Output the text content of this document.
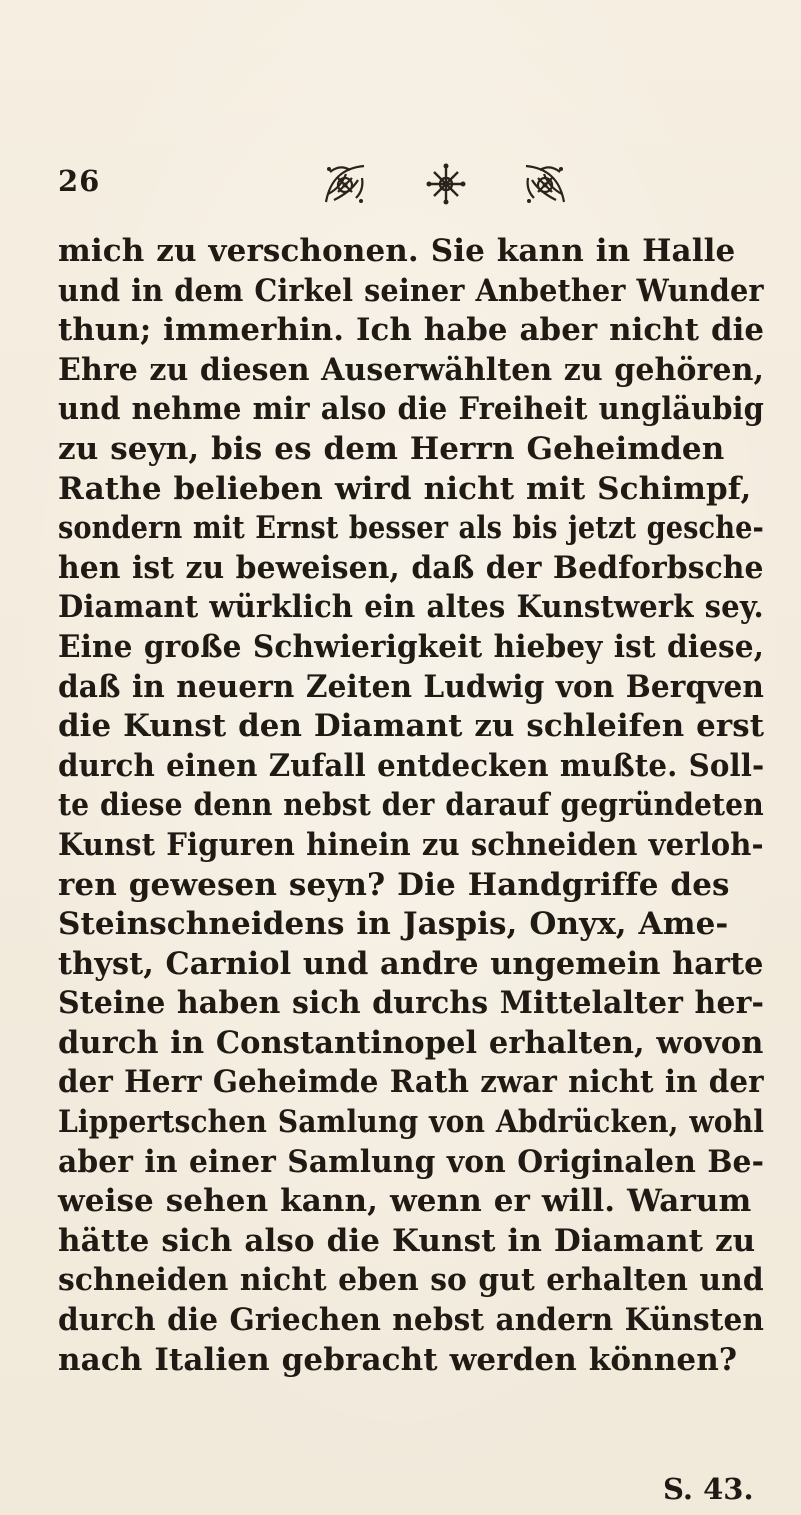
26
mich zu verschonen. Sie kann in Halle
und in dem Cirkel seiner Anbether Wunder
thun; immerhin. Ich habe aber nicht die
Ehre zu diesen Auserwählten zu gehören,
und nehme mir also die Freiheit ungläubig
zu seyn, bis es dem Herrn Geheimden
Rathe belieben wird nicht mit Schimpf,
sondern mit Ernst besser als bis jetzt gesche-
hen ist zu beweisen, daß der Bedforbsche
Diamant würklich ein altes Kunstwerk sey.
Eine große Schwierigkeit hiebey ist diese,
daß in neuern Zeiten Ludwig von Berqven
die Kunst den Diamant zu schleifen erst
durch einen Zufall entdecken mußte. Soll-
te diese denn nebst der darauf gegründeten
Kunst Figuren hinein zu schneiden verloh-
ren gewesen seyn? Die Handgriffe des
Steinschneidens in Jaspis, Onyx, Ame-
thyst, Carniol und andre ungemein harte
Steine haben sich durchs Mittelalter her-
durch in Constantinopel erhalten, wovon
der Herr Geheimde Rath zwar nicht in der
Lippertschen Samlung von Abdrücken, wohl
aber in einer Samlung von Originalen Be-
weise sehen kann, wenn er will. Warum
hätte sich also die Kunst in Diamant zu
schneiden nicht eben so gut erhalten und
durch die Griechen nebst andern Künsten
nach Italien gebracht werden können?
S. 43.
